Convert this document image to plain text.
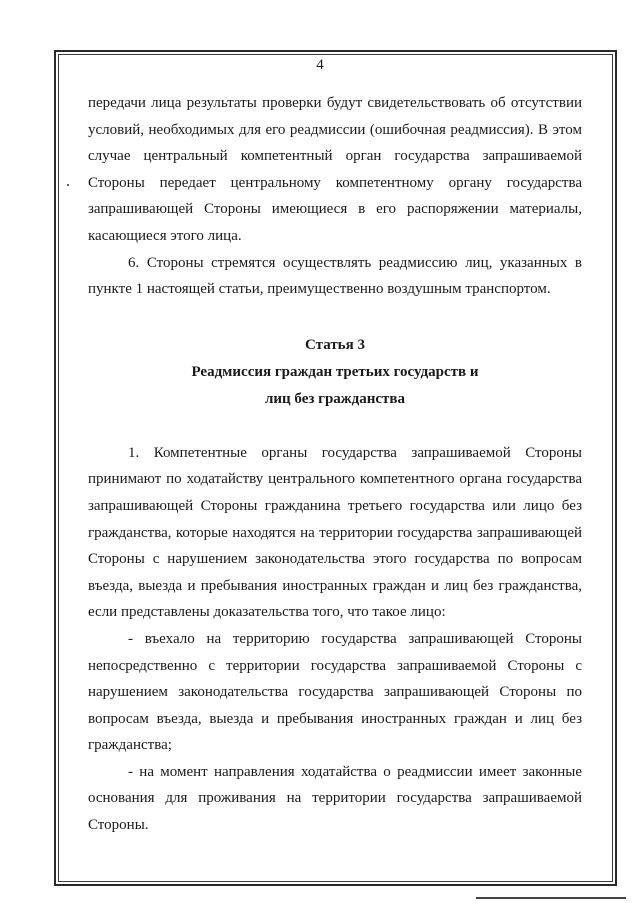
4

передачи лица результаты проверки будут свидетельствовать об отсутствии условий, необходимых для его реадмиссии (ошибочная реадмиссия). В этом случае центральный компетентный орган государства запрашиваемой Стороны передает центральному компетентному органу государства запрашивающей Стороны имеющиеся в его распоряжении материалы, касающиеся этого лица.

6. Стороны стремятся осуществлять реадмиссию лиц, указанных в пункте 1 настоящей статьи, преимущественно воздушным транспортом.

Статья 3

Реадмиссия граждан третьих государств и

лиц без гражданства

1. Компетентные органы государства запрашиваемой Стороны принимают по ходатайству центрального компетентного органа государства запрашивающей Стороны гражданина третьего государства или лицо без гражданства, которые находятся на территории государства запрашивающей Стороны с нарушением законодательства этого государства по вопросам въезда, выезда и пребывания иностранных граждан и лиц без гражданства, если представлены доказательства того, что такое лицо:

- въехало на территорию государства запрашивающей Стороны непосредственно с территории государства запрашиваемой Стороны с нарушением законодательства государства запрашивающей Стороны по вопросам въезда, выезда и пребывания иностранных граждан и лиц без гражданства;

- на момент направления ходатайства о реадмиссии имеет законные основания для проживания на территории государства запрашиваемой Стороны.
